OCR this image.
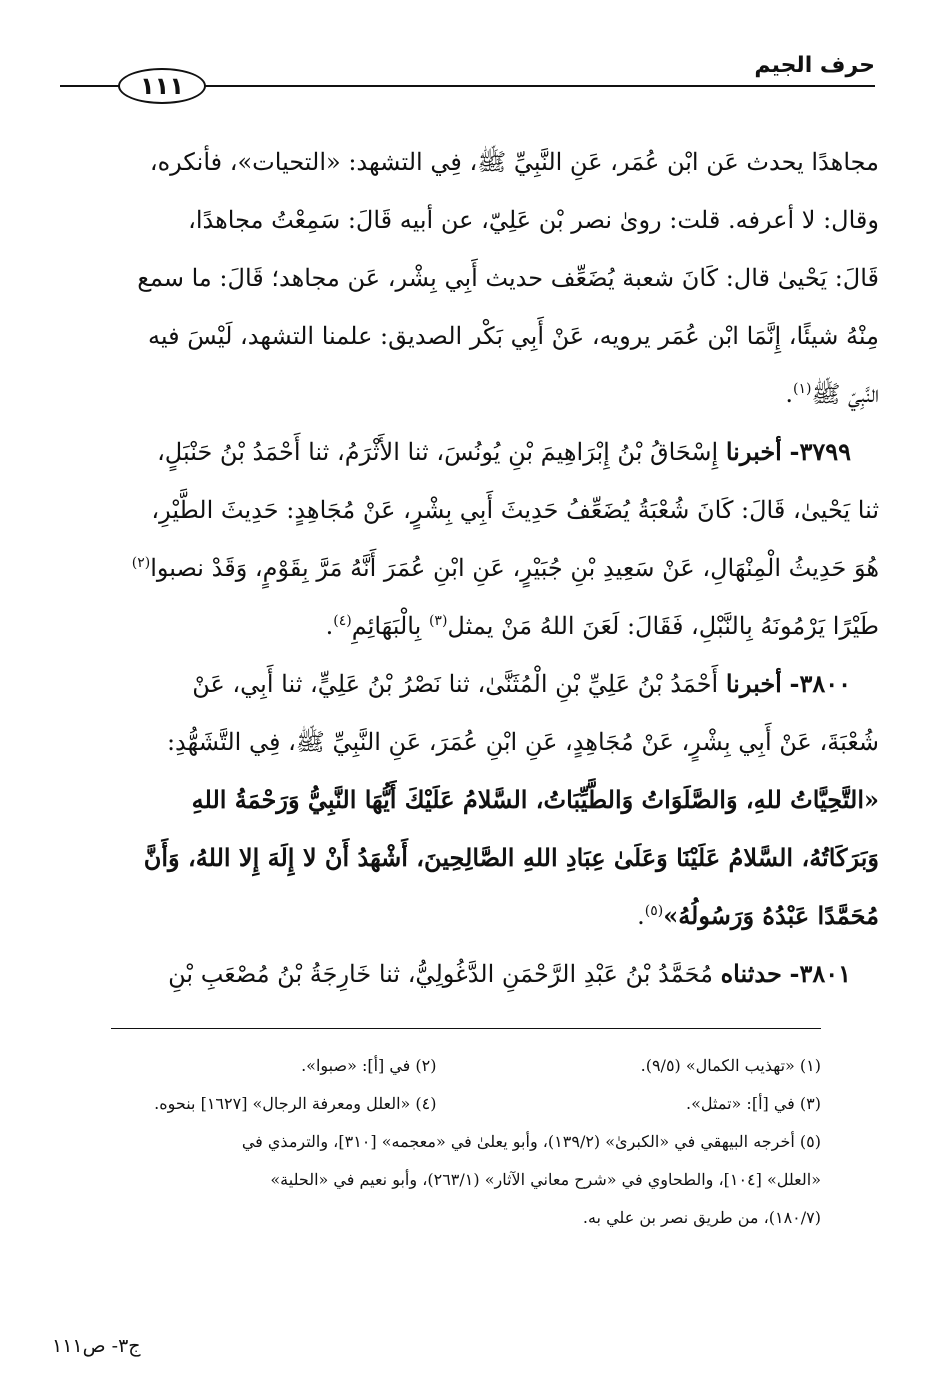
حرف الجيم
١١١

مجاهدًا يحدث عَن ابْن عُمَر، عَنِ النَّبِيِّ ﷺ، فِي التشهد: «التحيات»، فأنكره،

وقال: لا أعرفه. قلت: روىٰ نصر بْن عَلِيّ، عن أبيه قَالَ: سَمِعْتُ مجاهدًا،

قَالَ: يَحْيىٰ قال: كَانَ شعبة يُضَعِّف حديث أَبِي بِشْر، عَن مجاهد؛ قَالَ: ما سمع

مِنْهُ شيئًا، إِنَّمَا ابْن عُمَر يرويه، عَنْ أَبِي بَكْر الصديق: علمنا التشهد، لَيْسَ فيه

النَّبِيّ ﷺ$^{(١)}$.

٣٧٩٩- أخبرنا إِسْحَاقُ بْنُ إِبْرَاهِيمَ بْنِ يُونُسَ، ثنا الأَثْرَمُ، ثنا أَحْمَدُ بْنُ حَنْبَلٍ،

ثنا يَحْيىٰ، قَالَ: كَانَ شُعْبَةُ يُضَعِّفُ حَدِيثَ أَبِي بِشْرٍ، عَنْ مُجَاهِدٍ: حَدِيثَ الطَّيْرِ،

هُوَ حَدِيثُ الْمِنْهَالِ، عَنْ سَعِيدِ بْنِ جُبَيْرٍ، عَنِ ابْنِ عُمَرَ أَنَّهُ مَرَّ بِقَوْمٍ، وَقَدْ نصبوا$^{(٢)}$

طَيْرًا يَرْمُونَهُ بِالنَّبْلِ، فَقَالَ: لَعَنَ اللهُ مَنْ يمثل$^{(٣)}$ بِالْبَهَائِمِ$^{(٤)}$.

٣٨٠٠- أخبرنا أَحْمَدُ بْنُ عَلِيِّ بْنِ الْمُثَنَّىٰ، ثنا نَصْرُ بْنُ عَلِيٍّ، ثنا أَبِي، عَنْ

شُعْبَةَ، عَنْ أَبِي بِشْرٍ، عَنْ مُجَاهِدٍ، عَنِ ابْنِ عُمَرَ، عَنِ النَّبِيِّ ﷺ، فِي التَّشَهُّدِ:

«التَّحِيَّاتُ للهِ، وَالصَّلَوَاتُ وَالطَّيِّبَاتُ، السَّلامُ عَلَيْكَ أَيُّهَا النَّبِيُّ وَرَحْمَةُ اللهِ

وَبَرَكَاتُهُ، السَّلامُ عَلَيْنَا وَعَلَىٰ عِبَادِ اللهِ الصَّالِحِينَ، أَشْهَدُ أَنْ لا إِلَهَ إِلا اللهُ، وَأَنَّ

مُحَمَّدًا عَبْدُهُ وَرَسُولُهُ»$^{(٥)}$.

٣٨٠١- حدثناه مُحَمَّدُ بْنُ عَبْدِ الرَّحْمَنِ الدَّغُولِيُّ، ثنا خَارِجَةُ بْنُ مُصْعَبِ بْنِ

(١) «تهذيب الكمال» (٩/٥).
(٢) في [أ]: «صبوا».
(٣) في [أ]: «تمثل».
(٤) «العلل ومعرفة الرجال» [١٦٢٧] بنحوه.
(٥) أخرجه البيهقي في «الكبرىٰ» (١٣٩/٢)، وأبو يعلىٰ في «معجمه» [٣١٠]، والترمذي في
«العلل» [١٠٤]، والطحاوي في «شرح معاني الآثار» (٢٦٣/١)، وأبو نعيم في «الحلية»
(١٨٠/٧)، من طريق نصر بن علي به.
ج٣- ص١١١
